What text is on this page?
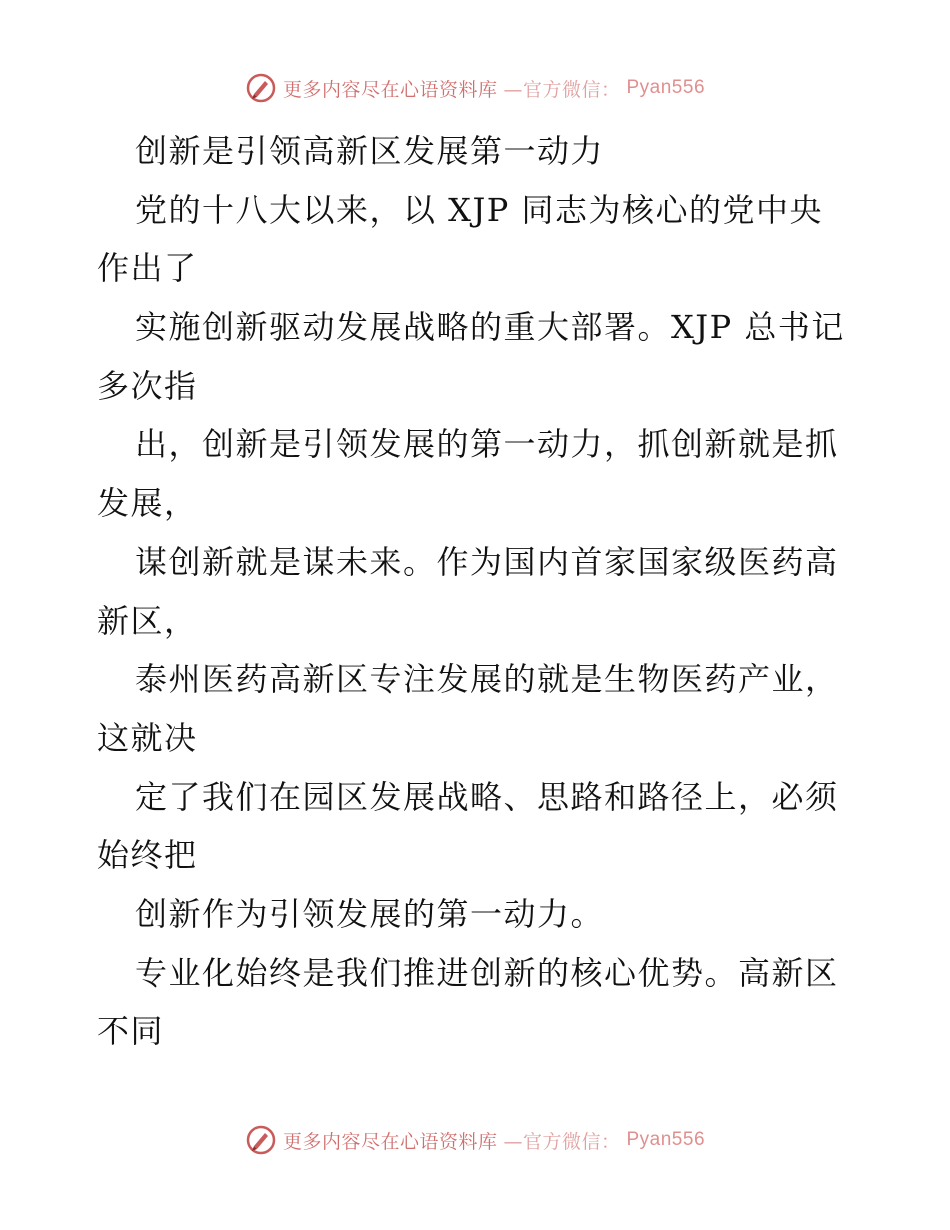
更多内容尽在心语资料库 —官方微信： Pyan556
创新是引领高新区发展第一动力
党的十八大以来，以 XJP 同志为核心的党中央
作出了
实施创新驱动发展战略的重大部署。XJP 总书记
多次指
出，创新是引领发展的第一动力，抓创新就是抓
发展，
谋创新就是谋未来。作为国内首家国家级医药高
新区，
泰州医药高新区专注发展的就是生物医药产业，
这就决
定了我们在园区发展战略、思路和路径上，必须
始终把
创新作为引领发展的第一动力。
专业化始终是我们推进创新的核心优势。高新区
不同
更多内容尽在心语资料库 —官方微信： Pyan556
